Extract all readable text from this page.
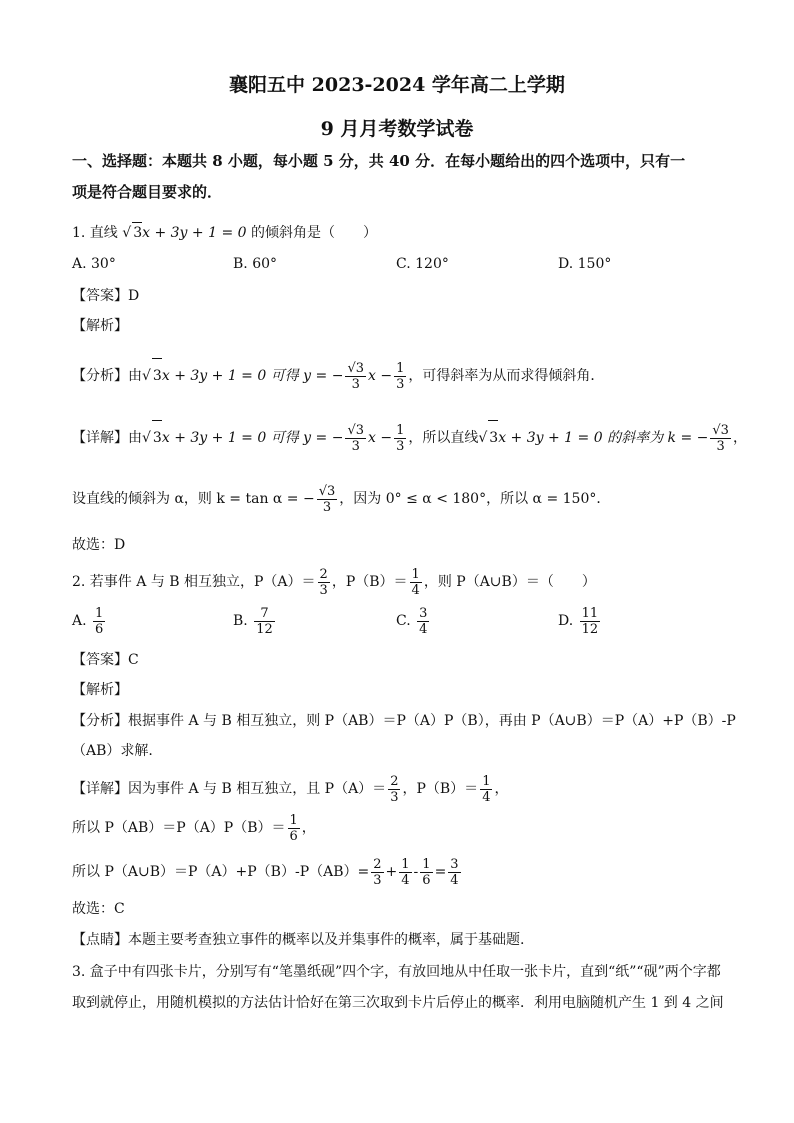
襄阳五中 2023-2024 学年高二上学期
9 月月考数学试卷
一、选择题：本题共 8 小题，每小题 5 分，共 40 分．在每小题给出的四个选项中，只有一
项是符合题目要求的．
1. 直线 √ 3x + 3y + 1 = 0 的倾斜角是（　　）
A. 30°	B. 60°	C. 120°	D. 150°
【答案】D
【解析】
【分析】由√ 3x + 3y + 1 = 0 可得 y = − $\frac{√3}{3}$ $x - \frac{1}{3}$ ，可得斜率为从而求得倾斜角．
【详解】由√ 3x + 3y + 1 = 0 可得 y = − $\frac{√3}{3}$ $x - \frac{1}{3}$ ，所以直线√ 3x + 3y + 1 = 0 的斜率为 k = − $\frac{√3}{3}$ ，
设直线的倾斜为 α，则 k = tan α = − $\frac{√3}{3}$ ，因为 0° ≤ α < 180°，所以 α = 150°．
故选：D
2. 若事件 A 与 B 相互独立，$P(A)= \frac{2}{3}$ ，$P(B)= \frac{1}{4}$ ，则 P（A∪B）＝（　　）
A. $\frac{1}{6}$	B. $\frac{7}{12}$	C. $\frac{3}{4}$	D. $\frac{11}{12}$
【答案】C
【解析】
【分析】根据事件 A 与 B 相互独立，则 P（AB）＝P（A）P（B），再由 P（A∪B）＝P（A）+P（B）-P
（AB）求解.
【详解】因为事件 A 与 B 相互独立，且 $P(A)= \frac{2}{3}$ ，$P(B)= \frac{1}{4}$ ，
所以 $P(AB)=P(A)P(B)= \frac{1}{6}$ ，
所以 P（A∪B）＝P（A）+P（B）-P（AB）= $\frac{2}{3} + \frac{1}{4} - \frac{1}{6} = \frac{3}{4}$
故选：C
【点睛】本题主要考查独立事件的概率以及并集事件的概率，属于基础题.
3. 盒子中有四张卡片，分别写有“笔墨纸砚”四个字，有放回地从中任取一张卡片，直到“纸”“砚”两个字都
取到就停止，用随机模拟的方法估计恰好在第三次取到卡片后停止的概率．利用电脑随机产生 1 到 4 之间
